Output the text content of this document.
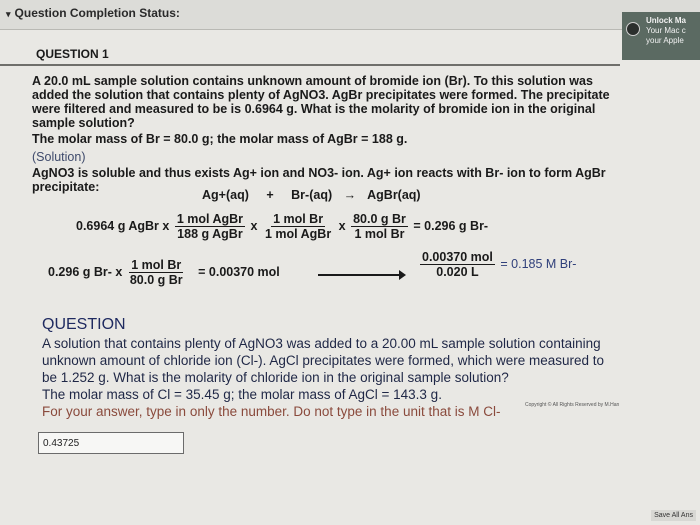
▾ Question Completion Status:
Unlock Ma
Your Mac c
your Apple
QUESTION 1

A 20.0 mL sample solution contains unknown amount of bromide ion (Br). To this solution was added the solution that contains plenty of AgNO3. AgBr precipitates were formed. The precipitate were filtered and measured to be is 0.6964 g. What is the molarity of bromide ion in the original sample solution?

The molar mass of Br = 80.0 g; the molar mass of AgBr = 188 g.

(Solution)

AgNO3 is soluble and thus exists Ag+ ion and NO3- ion. Ag+ ion reacts with Br- ion to form AgBr precipitate:

Ag+(aq) + Br-(aq) → AgBr(aq)
0.6964 g AgBr x $\frac{\text{1 mol AgBr}}{\text{188 g AgBr}}$ x $\frac{\text{1 mol Br}}{\text{1 mol AgBr}}$ x $\frac{\text{80.0 g Br}}{\text{1 mol Br}} = 0.296$ g Br-
0.296 g Br- x $\frac{\text{1 mol Br}}{\text{80.0 g Br}} = 0.00370$ mol	$\frac{\text{0.00370 mol}}{0.020 L} = 0.185$ M Br-
QUESTION
A solution that contains plenty of AgNO3 was added to a 20.00 mL sample solution containing
unknown amount of chloride ion (Cl-). AgCl precipitates were formed, which were measured to
be 1.252 g. What is the molarity of chloride ion in the original sample solution?
The molar mass of Cl = 35.45 g; the molar mass of AgCl = 143.3 g.
For your answer, type in only the number. Do not type in the unit that is M Cl-	Copyright © All Rights Reserved by M.Han
0.43725
Save All Ans
